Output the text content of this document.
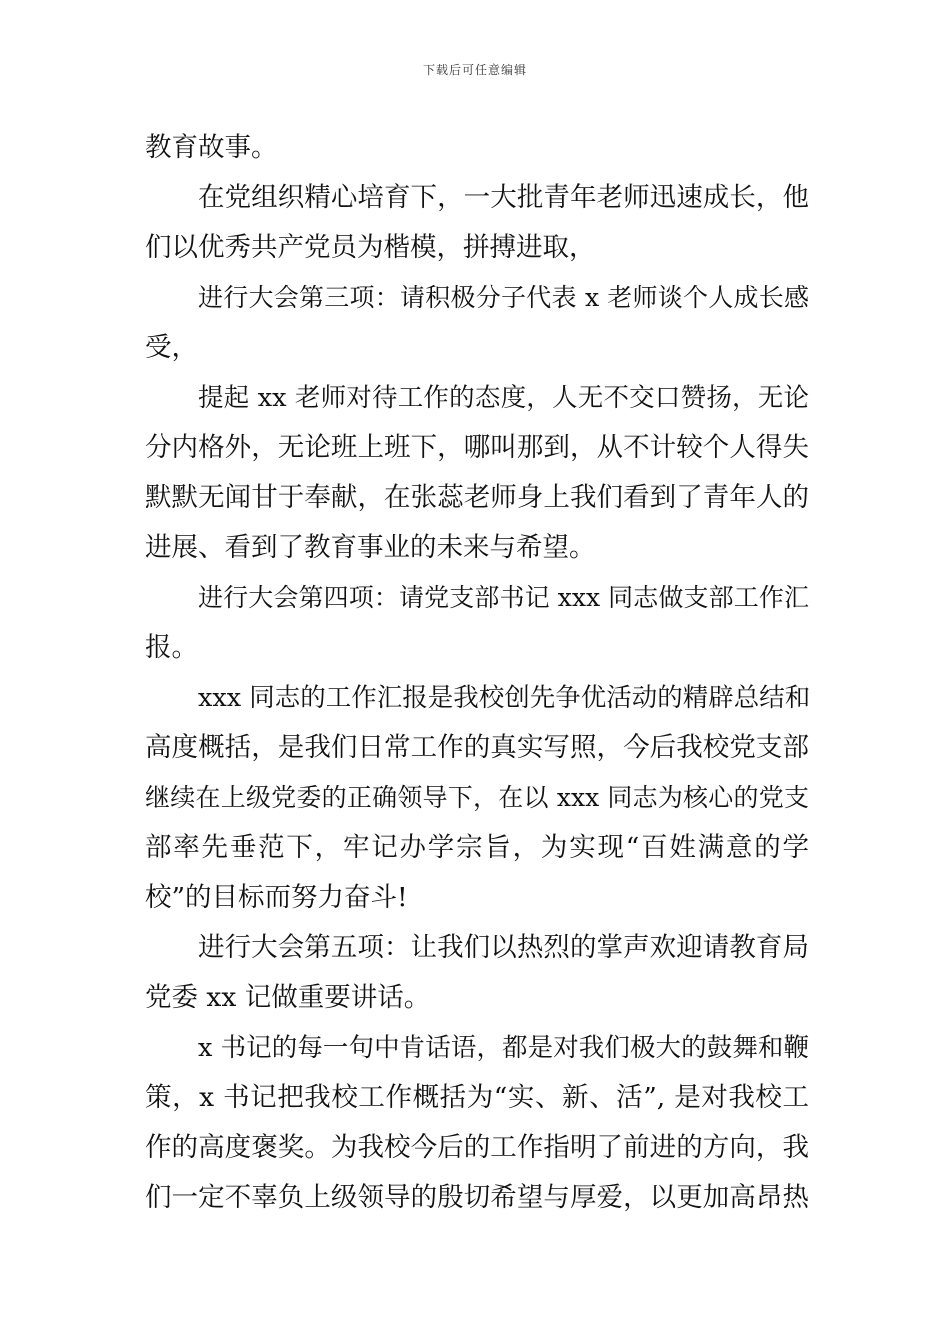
下载后可任意编辑
教育故事。
在党组织精心培育下，一大批青年老师迅速成长，他
们以优秀共产党员为楷模，拼搏进取，
进行大会第三项：请积极分子代表 x 老师谈个人成长感
受，
提起 xx 老师对待工作的态度，人无不交口赞扬，无论
分内格外，无论班上班下，哪叫那到，从不计较个人得失
默默无闻甘于奉献，在张蕊老师身上我们看到了青年人的
进展、看到了教育事业的未来与希望。
进行大会第四项：请党支部书记 xxx 同志做支部工作汇
报。
xxx 同志的工作汇报是我校创先争优活动的精辟总结和
高度概括，是我们日常工作的真实写照，今后我校党支部
继续在上级党委的正确领导下，在以 xxx 同志为核心的党支
部率先垂范下，牢记办学宗旨，为实现“百姓满意的学
校”的目标而努力奋斗!
进行大会第五项：让我们以热烈的掌声欢迎请教育局
党委 xx 记做重要讲话。
x 书记的每一句中肯话语，都是对我们极大的鼓舞和鞭
策，x 书记把我校工作概括为“实、新、活”, 是对我校工
作的高度褒奖。为我校今后的工作指明了前进的方向，我
们一定不辜负上级领导的殷切希望与厚爱，以更加高昂热
